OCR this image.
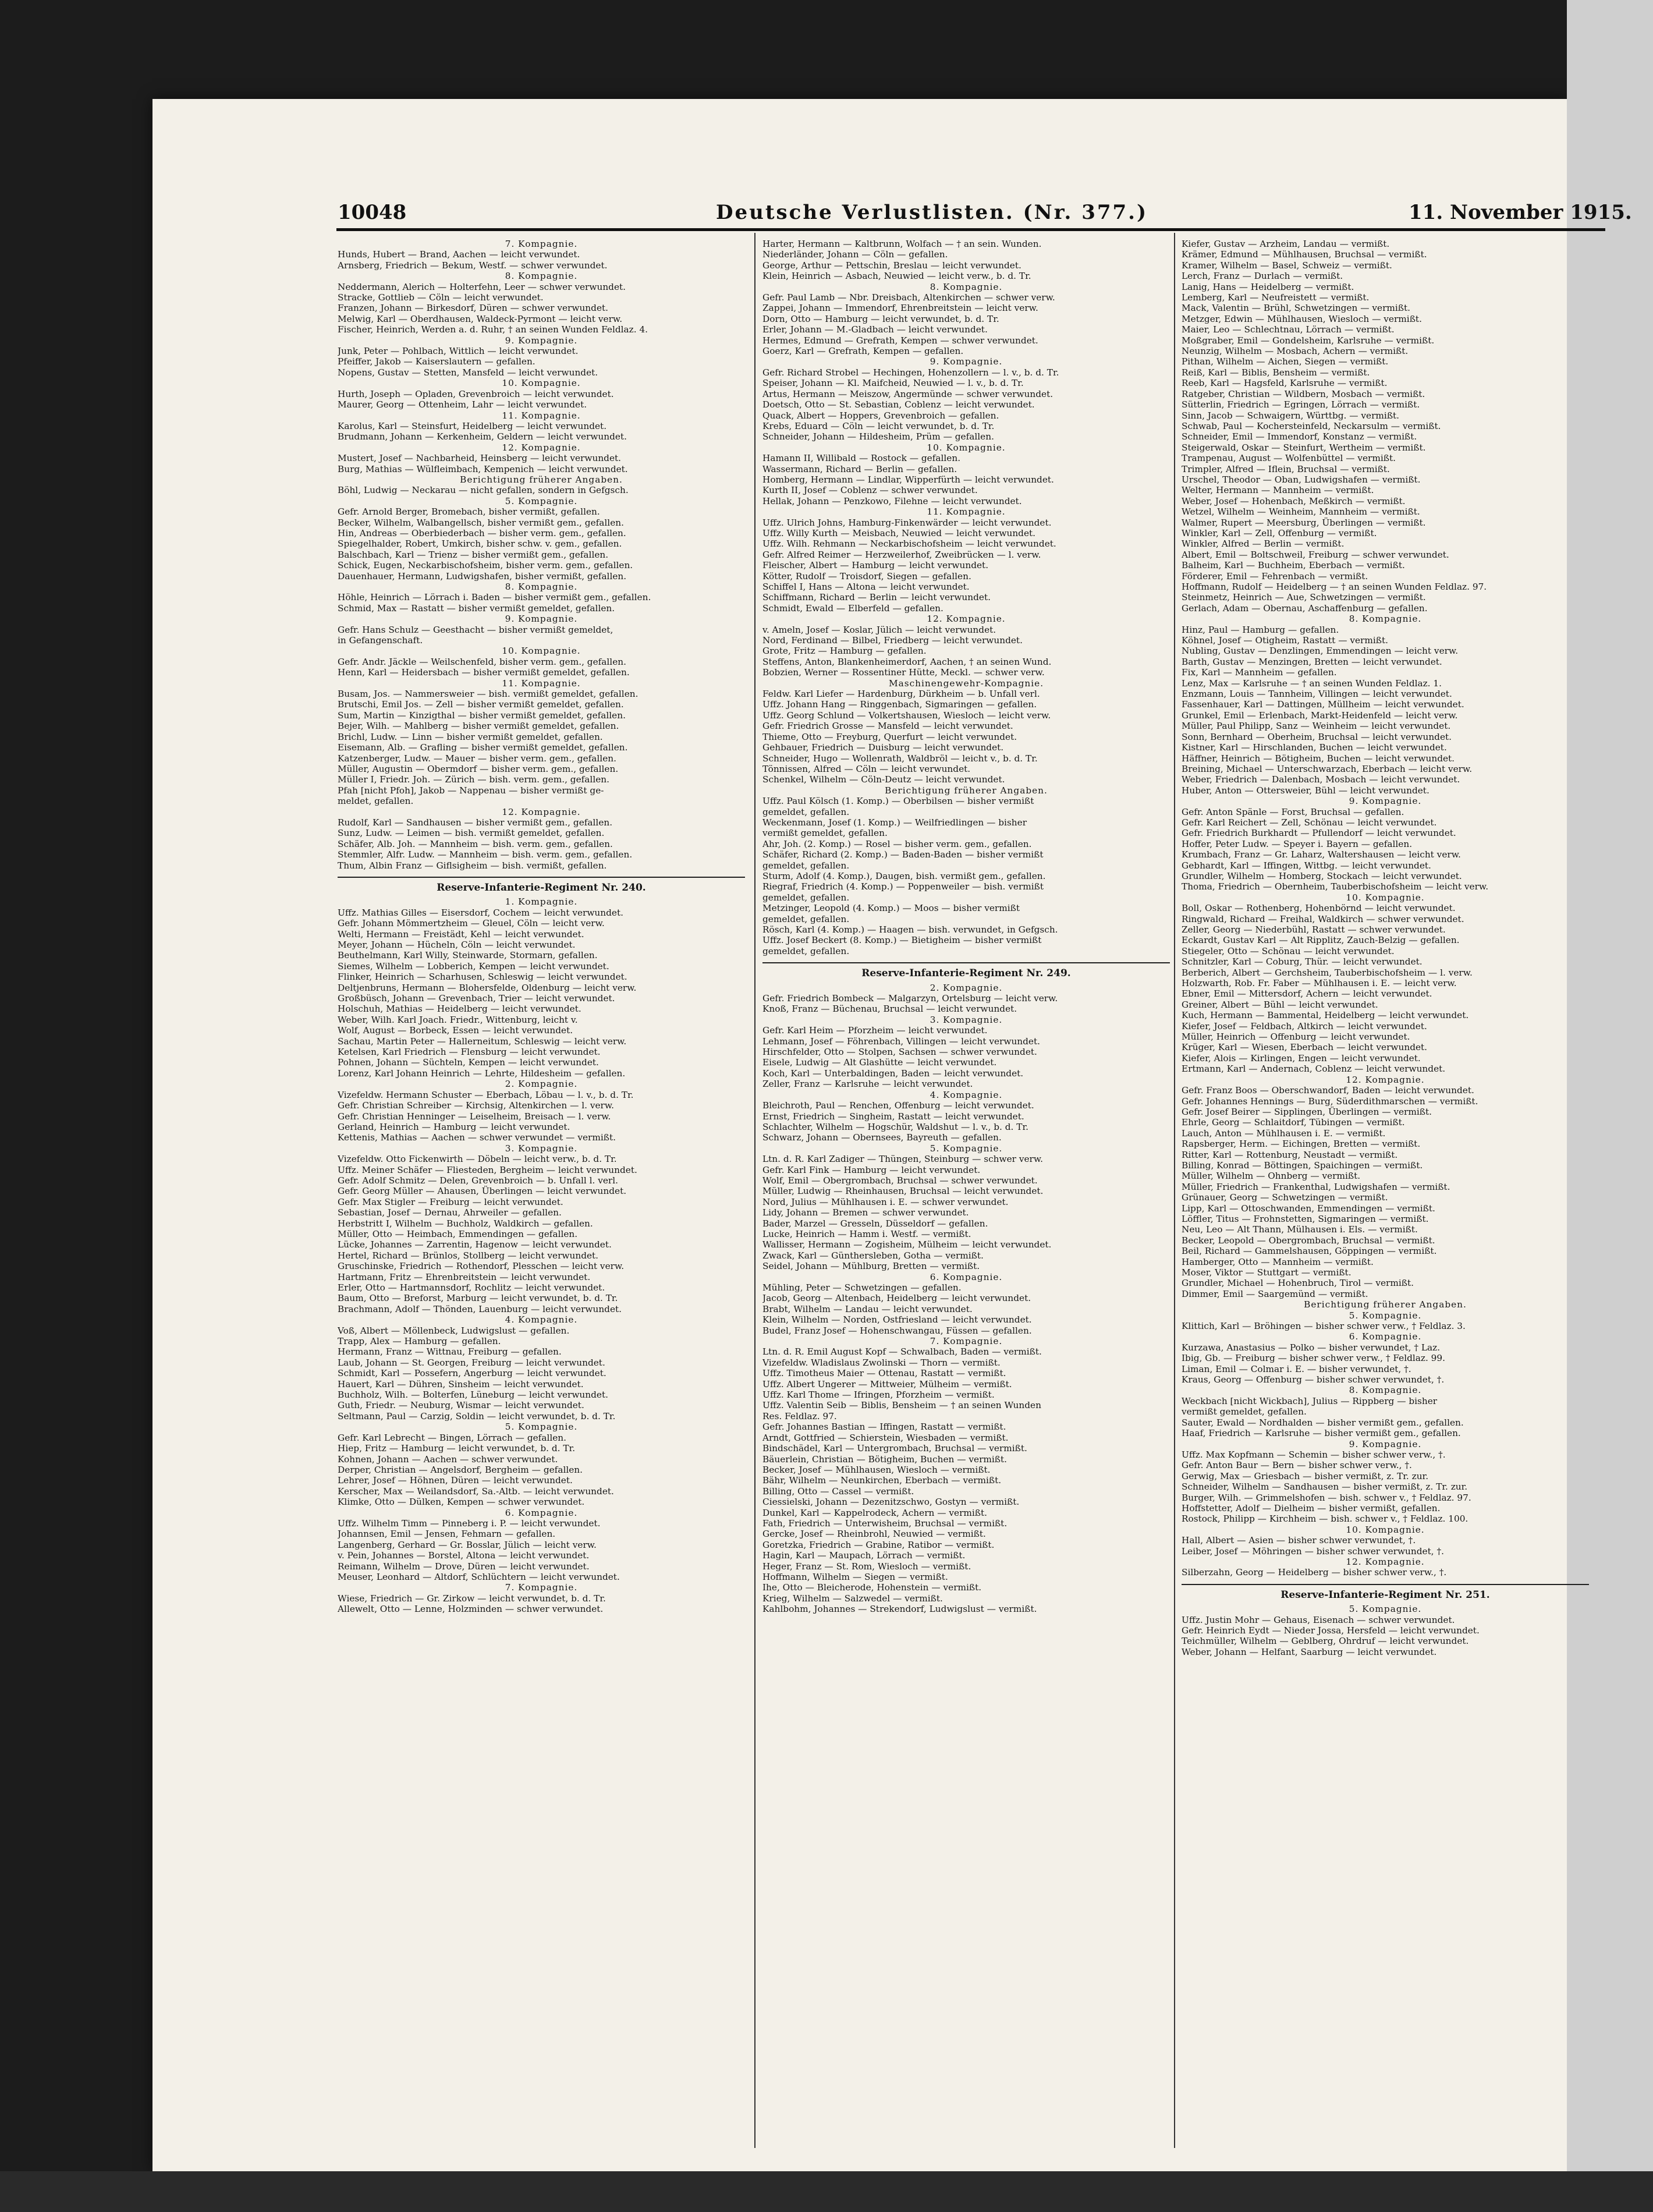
10048	Deutsche Verlustlisten. (Nr. 377.)	11. November 1915.
7. Kompagnie.
Hunds, Hubert — Brand, Aachen — leicht verwundet.
Arnsberg, Friedrich — Bekum, Westf. — schwer verwundet.
8. Kompagnie.
Neddermann, Alerich — Holterfehn, Leer — schwer verwundet.
Stracke, Gottlieb — Cöln — leicht verwundet.
Franzen, Johann — Birkesdorf, Düren — schwer verwundet.
Melwig, Karl — Oberdhausen, Waldeck-Pyrmont — leicht verw.
Fischer, Heinrich, Werden a. d. Ruhr, † an seinen Wunden Feldlaz. 4.
9. Kompagnie.
Junk, Peter — Pohlbach, Wittlich — leicht verwundet.
Pfeiffer, Jakob — Kaiserslautern — gefallen.
Nopens, Gustav — Stetten, Mansfeld — leicht verwundet.
10. Kompagnie.
Hurth, Joseph — Opladen, Grevenbroich — leicht verwundet.
Maurer, Georg — Ottenheim, Lahr — leicht verwundet.
11. Kompagnie.
Karolus, Karl — Steinsfurt, Heidelberg — leicht verwundet.
Brudmann, Johann — Kerkenheim, Geldern — leicht verwundet.
12. Kompagnie.
Mustert, Josef — Nachbarheid, Heinsberg — leicht verwundet.
Burg, Mathias — Wülfleimbach, Kempenich — leicht verwundet.
Berichtigung früherer Angaben.
Böhl, Ludwig — Neckarau — nicht gefallen, sondern in Gefgsch.
5. Kompagnie.
Gefr. Arnold Berger, Bromebach, bisher vermißt, gefallen.
Becker, Wilhelm, Walbangellsch, bisher vermißt gem., gefallen.
Hin, Andreas — Oberbiederbach — bisher verm. gem., gefallen.
Spiegelhalder, Robert, Umkirch, bisher schw. v. gem., gefallen.
Balschbach, Karl — Trienz — bisher vermißt gem., gefallen.
Schick, Eugen, Neckarbischofsheim, bisher verm. gem., gefallen.
Dauenhauer, Hermann, Ludwigshafen, bisher vermißt, gefallen.
8. Kompagnie.
Höhle, Heinrich — Lörrach i. Baden — bisher vermißt gem., gefallen.
Schmid, Max — Rastatt — bisher vermißt gemeldet, gefallen.
9. Kompagnie.
Gefr. Hans Schulz — Geesthacht — bisher vermißt gemeldet,
in Gefangenschaft.
10. Kompagnie.
Gefr. Andr. Jäckle — Weilschenfeld, bisher verm. gem., gefallen.
Henn, Karl — Heidersbach — bisher vermißt gemeldet, gefallen.
11. Kompagnie.
Busam, Jos. — Nammersweier — bish. vermißt gemeldet, gefallen.
Brutschi, Emil Jos. — Zell — bisher vermißt gemeldet, gefallen.
Sum, Martin — Kinzigthal — bisher vermißt gemeldet, gefallen.
Bejer, Wilh. — Mahlberg — bisher vermißt gemeldet, gefallen.
Brichl, Ludw. — Linn — bisher vermißt gemeldet, gefallen.
Eisemann, Alb. — Grafling — bisher vermißt gemeldet, gefallen.
Katzenberger, Ludw. — Mauer — bisher verm. gem., gefallen.
Müller, Augustin — Obermdorf — bisher verm. gem., gefallen.
Müller I, Friedr. Joh. — Zürich — bish. verm. gem., gefallen.
Pfah [nicht Pfoh], Jakob — Nappenau — bisher vermißt ge-
meldet, gefallen.
12. Kompagnie.
Rudolf, Karl — Sandhausen — bisher vermißt gem., gefallen.
Sunz, Ludw. — Leimen — bish. vermißt gemeldet, gefallen.
Schäfer, Alb. Joh. — Mannheim — bish. verm. gem., gefallen.
Stemmler, Alfr. Ludw. — Mannheim — bish. verm. gem., gefallen.
Thum, Albin Franz — Giflsigheim — bish. vermißt, gefallen.
Reserve-Infanterie-Regiment Nr. 240.
1. Kompagnie.
Uffz. Mathias Gilles — Eisersdorf, Cochem — leicht verwundet.
Gefr. Johann Mömmertzheim — Gleuel, Cöln — leicht verw.
Welti, Hermann — Freistädt, Kehl — leicht verwundet.
Meyer, Johann — Hücheln, Cöln — leicht verwundet.
Beuthelmann, Karl Willy, Steinwarde, Stormarn, gefallen.
Siemes, Wilhelm — Lobberich, Kempen — leicht verwundet.
Flinker, Heinrich — Scharhusen, Schleswig — leicht verwundet.
Deltjenbruns, Hermann — Blohersfelde, Oldenburg — leicht verw.
Großbüsch, Johann — Grevenbach, Trier — leicht verwundet.
Holschuh, Mathias — Heidelberg — leicht verwundet.
Weber, Wilh. Karl Joach. Friedr., Wittenburg, leicht v.
Wolf, August — Borbeck, Essen — leicht verwundet.
Sachau, Martin Peter — Hallerneitum, Schleswig — leicht verw.
Ketelsen, Karl Friedrich — Flensburg — leicht verwundet.
Pohnen, Johann — Süchteln, Kempen — leicht verwundet.
Lorenz, Karl Johann Heinrich — Lehrte, Hildesheim — gefallen.
2. Kompagnie.
Vizefeldw. Hermann Schuster — Eberbach, Löbau — l. v., b. d. Tr.
Gefr. Christian Schreiber — Kirchsig, Altenkirchen — l. verw.
Gefr. Christian Henninger — Leiselheim, Breisach — l. verw.
Gerland, Heinrich — Hamburg — leicht verwundet.
Kettenis, Mathias — Aachen — schwer verwundet — vermißt.
3. Kompagnie.
Vizefeldw. Otto Fickenwirth — Döbeln — leicht verw., b. d. Tr.
Uffz. Meiner Schäfer — Fliesteden, Bergheim — leicht verwundet.
Gefr. Adolf Schmitz — Delen, Grevenbroich — b. Unfall l. verl.
Gefr. Georg Müller — Ahausen, Überlingen — leicht verwundet.
Gefr. Max Stigler — Freiburg — leicht verwundet.
Sebastian, Josef — Dernau, Ahrweiler — gefallen.
Herbstritt I, Wilhelm — Buchholz, Waldkirch — gefallen.
Müller, Otto — Heimbach, Emmendingen — gefallen.
Lücke, Johannes — Zarrentin, Hagenow — leicht verwundet.
Hertel, Richard — Brünlos, Stollberg — leicht verwundet.
Gruschinske, Friedrich — Rothendorf, Plesschen — leicht verw.
Hartmann, Fritz — Ehrenbreitstein — leicht verwundet.
Erler, Otto — Hartmannsdorf, Rochlitz — leicht verwundet.
Baum, Otto — Breforst, Marburg — leicht verwundet, b. d. Tr.
Brachmann, Adolf — Thönden, Lauenburg — leicht verwundet.
4. Kompagnie.
Voß, Albert — Möllenbeck, Ludwigslust — gefallen.
Trapp, Alex — Hamburg — gefallen.
Hermann, Franz — Wittnau, Freiburg — gefallen.
Laub, Johann — St. Georgen, Freiburg — leicht verwundet.
Schmidt, Karl — Possefern, Angerburg — leicht verwundet.
Hauert, Karl — Dühren, Sinsheim — leicht verwundet.
Buchholz, Wilh. — Bolterfen, Lüneburg — leicht verwundet.
Guth, Friedr. — Neuburg, Wismar — leicht verwundet.
Seltmann, Paul — Carzig, Soldin — leicht verwundet, b. d. Tr.
5. Kompagnie.
Gefr. Karl Lebrecht — Bingen, Lörrach — gefallen.
Hiep, Fritz — Hamburg — leicht verwundet, b. d. Tr.
Kohnen, Johann — Aachen — schwer verwundet.
Derper, Christian — Angelsdorf, Bergheim — gefallen.
Lehrer, Josef — Höhnen, Düren — leicht verwundet.
Kerscher, Max — Weilandsdorf, Sa.-Altb. — leicht verwundet.
Klimke, Otto — Dülken, Kempen — schwer verwundet.
6. Kompagnie.
Uffz. Wilhelm Timm — Pinneberg i. P. — leicht verwundet.
Johannsen, Emil — Jensen, Fehmarn — gefallen.
Langenberg, Gerhard — Gr. Bosslar, Jülich — leicht verw.
v. Pein, Johannes — Borstel, Altona — leicht verwundet.
Reimann, Wilhelm — Drove, Düren — leicht verwundet.
Meuser, Leonhard — Altdorf, Schlüchtern — leicht verwundet.
7. Kompagnie.
Wiese, Friedrich — Gr. Zirkow — leicht verwundet, b. d. Tr.
Allewelt, Otto — Lenne, Holzminden — schwer verwundet.
Harter, Hermann — Kaltbrunn, Wolfach — † an sein. Wunden.
Niederländer, Johann — Cöln — gefallen.
George, Arthur — Pettschin, Breslau — leicht verwundet.
Klein, Heinrich — Asbach, Neuwied — leicht verw., b. d. Tr.
8. Kompagnie.
Gefr. Paul Lamb — Nbr. Dreisbach, Altenkirchen — schwer verw.
Zappei, Johann — Immendorf, Ehrenbreitstein — leicht verw.
Dorn, Otto — Hamburg — leicht verwundet, b. d. Tr.
Erler, Johann — M.-Gladbach — leicht verwundet.
Hermes, Edmund — Grefrath, Kempen — schwer verwundet.
Goerz, Karl — Grefrath, Kempen — gefallen.
9. Kompagnie.
Gefr. Richard Strobel — Hechingen, Hohenzollern — l. v., b. d. Tr.
Speiser, Johann — Kl. Maifcheid, Neuwied — l. v., b. d. Tr.
Artus, Hermann — Meiszow, Angermünde — schwer verwundet.
Doetsch, Otto — St. Sebastian, Coblenz — leicht verwundet.
Quack, Albert — Hoppers, Grevenbroich — gefallen.
Krebs, Eduard — Cöln — leicht verwundet, b. d. Tr.
Schneider, Johann — Hildesheim, Prüm — gefallen.
10. Kompagnie.
Hamann II, Willibald — Rostock — gefallen.
Wassermann, Richard — Berlin — gefallen.
Homberg, Hermann — Lindlar, Wipperfürth — leicht verwundet.
Kurth II, Josef — Coblenz — schwer verwundet.
Hellak, Johann — Penzkowo, Filehne — leicht verwundet.
11. Kompagnie.
Uffz. Ulrich Johns, Hamburg-Finkenwärder — leicht verwundet.
Uffz. Willy Kurth — Meisbach, Neuwied — leicht verwundet.
Uffz. Wilh. Rehmann — Neckarbischofsheim — leicht verwundet.
Gefr. Alfred Reimer — Herzweilerhof, Zweibrücken — l. verw.
Fleischer, Albert — Hamburg — leicht verwundet.
Kötter, Rudolf — Troisdorf, Siegen — gefallen.
Schiffel I, Hans — Altona — leicht verwundet.
Schiffmann, Richard — Berlin — leicht verwundet.
Schmidt, Ewald — Elberfeld — gefallen.
12. Kompagnie.
v. Ameln, Josef — Koslar, Jülich — leicht verwundet.
Nord, Ferdinand — Bilbel, Friedberg — leicht verwundet.
Grote, Fritz — Hamburg — gefallen.
Steffens, Anton, Blankenheimerdorf, Aachen, † an seinen Wund.
Bobzien, Werner — Rossentiner Hütte, Meckl. — schwer verw.
Maschinengewehr-Kompagnie.
Feldw. Karl Liefer — Hardenburg, Dürkheim — b. Unfall verl.
Uffz. Johann Hang — Ringgenbach, Sigmaringen — gefallen.
Uffz. Georg Schlund — Volkertshausen, Wiesloch — leicht verw.
Gefr. Friedrich Grosse — Mansfeld — leicht verwundet.
Thieme, Otto — Freyburg, Querfurt — leicht verwundet.
Gehbauer, Friedrich — Duisburg — leicht verwundet.
Schneider, Hugo — Wollenrath, Waldbröl — leicht v., b. d. Tr.
Tönnissen, Alfred — Cöln — leicht verwundet.
Schenkel, Wilhelm — Cöln-Deutz — leicht verwundet.
Berichtigung früherer Angaben.
Uffz. Paul Kölsch (1. Komp.) — Oberbilsen — bisher vermißt
gemeldet, gefallen.
Weckenmann, Josef (1. Komp.) — Weilfriedlingen — bisher
vermißt gemeldet, gefallen.
Ahr, Joh. (2. Komp.) — Rosel — bisher verm. gem., gefallen.
Schäfer, Richard (2. Komp.) — Baden-Baden — bisher vermißt
gemeldet, gefallen.
Sturm, Adolf (4. Komp.), Daugen, bish. vermißt gem., gefallen.
Riegraf, Friedrich (4. Komp.) — Poppenweiler — bish. vermißt
gemeldet, gefallen.
Metzinger, Leopold (4. Komp.) — Moos — bisher vermißt
gemeldet, gefallen.
Rösch, Karl (4. Komp.) — Haagen — bish. verwundet, in Gefgsch.
Uffz. Josef Beckert (8. Komp.) — Bietigheim — bisher vermißt
gemeldet, gefallen.
Reserve-Infanterie-Regiment Nr. 249.
2. Kompagnie.
Gefr. Friedrich Bombeck — Malgarzyn, Ortelsburg — leicht verw.
Knoß, Franz — Büchenau, Bruchsal — leicht verwundet.
3. Kompagnie.
Gefr. Karl Heim — Pforzheim — leicht verwundet.
Lehmann, Josef — Föhrenbach, Villingen — leicht verwundet.
Hirschfelder, Otto — Stolpen, Sachsen — schwer verwundet.
Eisele, Ludwig — Alt Glashütte — leicht verwundet.
Koch, Karl — Unterbaldingen, Baden — leicht verwundet.
Zeller, Franz — Karlsruhe — leicht verwundet.
4. Kompagnie.
Bleichroth, Paul — Renchen, Offenburg — leicht verwundet.
Ernst, Friedrich — Singheim, Rastatt — leicht verwundet.
Schlachter, Wilhelm — Hogschür, Waldshut — l. v., b. d. Tr.
Schwarz, Johann — Obernsees, Bayreuth — gefallen.
5. Kompagnie.
Ltn. d. R. Karl Zadiger — Thüngen, Steinburg — schwer verw.
Gefr. Karl Fink — Hamburg — leicht verwundet.
Wolf, Emil — Obergrombach, Bruchsal — schwer verwundet.
Müller, Ludwig — Rheinhausen, Bruchsal — leicht verwundet.
Nord, Julius — Mühlhausen i. E. — schwer verwundet.
Lidy, Johann — Bremen — schwer verwundet.
Bader, Marzel — Gresseln, Düsseldorf — gefallen.
Lucke, Heinrich — Hamm i. Westf. — vermißt.
Wallisser, Hermann — Zogisheim, Mülheim — leicht verwundet.
Zwack, Karl — Günthersleben, Gotha — vermißt.
Seidel, Johann — Mühlburg, Bretten — vermißt.
6. Kompagnie.
Mühling, Peter — Schwetzingen — gefallen.
Jacob, Georg — Altenbach, Heidelberg — leicht verwundet.
Brabt, Wilhelm — Landau — leicht verwundet.
Klein, Wilhelm — Norden, Ostfriesland — leicht verwundet.
Budel, Franz Josef — Hohenschwangau, Füssen — gefallen.
7. Kompagnie.
Ltn. d. R. Emil August Kopf — Schwalbach, Baden — vermißt.
Vizefeldw. Wladislaus Zwolinski — Thorn — vermißt.
Uffz. Timotheus Maier — Ottenau, Rastatt — vermißt.
Uffz. Albert Ungerer — Mittweier, Mülheim — vermißt.
Uffz. Karl Thome — Ifringen, Pforzheim — vermißt.
Uffz. Valentin Seib — Biblis, Bensheim — † an seinen Wunden
Res. Feldlaz. 97.
Gefr. Johannes Bastian — Iffingen, Rastatt — vermißt.
Arndt, Gottfried — Schierstein, Wiesbaden — vermißt.
Bindschädel, Karl — Untergrombach, Bruchsal — vermißt.
Bäuerlein, Christian — Bötigheim, Buchen — vermißt.
Becker, Josef — Mühlhausen, Wiesloch — vermißt.
Bähr, Wilhelm — Neunkirchen, Eberbach — vermißt.
Billing, Otto — Cassel — vermißt.
Ciessielski, Johann — Dezenitzschwo, Gostyn — vermißt.
Dunkel, Karl — Kappelrodeck, Achern — vermißt.
Fath, Friedrich — Unterwisheim, Bruchsal — vermißt.
Gercke, Josef — Rheinbrohl, Neuwied — vermißt.
Goretzka, Friedrich — Grabine, Ratibor — vermißt.
Hagin, Karl — Maupach, Lörrach — vermißt.
Heger, Franz — St. Rom, Wiesloch — vermißt.
Hoffmann, Wilhelm — Siegen — vermißt.
Ihe, Otto — Bleicherode, Hohenstein — vermißt.
Krieg, Wilhelm — Salzwedel — vermißt.
Kahlbohm, Johannes — Strekendorf, Ludwigslust — vermißt.
Kiefer, Gustav — Arzheim, Landau — vermißt.
Krämer, Edmund — Mühlhausen, Bruchsal — vermißt.
Kramer, Wilhelm — Basel, Schweiz — vermißt.
Lerch, Franz — Durlach — vermißt.
Lanig, Hans — Heidelberg — vermißt.
Lemberg, Karl — Neufreistett — vermißt.
Mack, Valentin — Brühl, Schwetzingen — vermißt.
Metzger, Edwin — Mühlhausen, Wiesloch — vermißt.
Maier, Leo — Schlechtnau, Lörrach — vermißt.
Moßgraber, Emil — Gondelsheim, Karlsruhe — vermißt.
Neunzig, Wilhelm — Mosbach, Achern — vermißt.
Pithan, Wilhelm — Aichen, Siegen — vermißt.
Reiß, Karl — Biblis, Bensheim — vermißt.
Reeb, Karl — Hagsfeld, Karlsruhe — vermißt.
Ratgeber, Christian — Wildbern, Mosbach — vermißt.
Sütterlin, Friedrich — Egringen, Lörrach — vermißt.
Sinn, Jacob — Schwaigern, Württbg. — vermißt.
Schwab, Paul — Kochersteinfeld, Neckarsulm — vermißt.
Schneider, Emil — Immendorf, Konstanz — vermißt.
Steigerwald, Oskar — Steinfurt, Wertheim — vermißt.
Trampenau, August — Wolfenbüttel — vermißt.
Trimpler, Alfred — Iflein, Bruchsal — vermißt.
Urschel, Theodor — Oban, Ludwigshafen — vermißt.
Welter, Hermann — Mannheim — vermißt.
Weber, Josef — Hohenbach, Meßkirch — vermißt.
Wetzel, Wilhelm — Weinheim, Mannheim — vermißt.
Walmer, Rupert — Meersburg, Überlingen — vermißt.
Winkler, Karl — Zell, Offenburg — vermißt.
Winkler, Alfred — Berlin — vermißt.
Albert, Emil — Boltschweil, Freiburg — schwer verwundet.
Balheim, Karl — Buchheim, Eberbach — vermißt.
Förderer, Emil — Fehrenbach — vermißt.
Hoffmann, Rudolf — Heidelberg — † an seinen Wunden Feldlaz. 97.
Steinmetz, Heinrich — Aue, Schwetzingen — vermißt.
Gerlach, Adam — Obernau, Aschaffenburg — gefallen.
8. Kompagnie.
Hinz, Paul — Hamburg — gefallen.
Köhnel, Josef — Otigheim, Rastatt — vermißt.
Nubling, Gustav — Denzlingen, Emmendingen — leicht verw.
Barth, Gustav — Menzingen, Bretten — leicht verwundet.
Fix, Karl — Mannheim — gefallen.
Lenz, Max — Karlsruhe — † an seinen Wunden Feldlaz. 1.
Enzmann, Louis — Tannheim, Villingen — leicht verwundet.
Fassenhauer, Karl — Dattingen, Müllheim — leicht verwundet.
Grunkel, Emil — Erlenbach, Markt-Heidenfeld — leicht verw.
Müller, Paul Philipp, Sanz — Weinheim — leicht verwundet.
Sonn, Bernhard — Oberheim, Bruchsal — leicht verwundet.
Kistner, Karl — Hirschlanden, Buchen — leicht verwundet.
Häffner, Heinrich — Bötigheim, Buchen — leicht verwundet.
Breining, Michael — Unterschwarzach, Eberbach — leicht verw.
Weber, Friedrich — Dalenbach, Mosbach — leicht verwundet.
Huber, Anton — Ottersweier, Bühl — leicht verwundet.
9. Kompagnie.
Gefr. Anton Spänle — Forst, Bruchsal — gefallen.
Gefr. Karl Reichert — Zell, Schönau — leicht verwundet.
Gefr. Friedrich Burkhardt — Pfullendorf — leicht verwundet.
Hoffer, Peter Ludw. — Speyer i. Bayern — gefallen.
Krumbach, Franz — Gr. Laharz, Waltershausen — leicht verw.
Gebhardt, Karl — Iffingen, Wittbg. — leicht verwundet.
Grundler, Wilhelm — Homberg, Stockach — leicht verwundet.
Thoma, Friedrich — Obernheim, Tauberbischofsheim — leicht verw.
10. Kompagnie.
Boll, Oskar — Rothenberg, Hohenbörnd — leicht verwundet.
Ringwald, Richard — Freihal, Waldkirch — schwer verwundet.
Zeller, Georg — Niederbühl, Rastatt — schwer verwundet.
Eckardt, Gustav Karl — Alt Ripplitz, Zauch-Belzig — gefallen.
Stiegeler, Otto — Schönau — leicht verwundet.
Schnitzler, Karl — Coburg, Thür. — leicht verwundet.
Berberich, Albert — Gerchsheim, Tauberbischofsheim — l. verw.
Holzwarth, Rob. Fr. Faber — Mühlhausen i. E. — leicht verw.
Ebner, Emil — Mittersdorf, Achern — leicht verwundet.
Greiner, Albert — Bühl — leicht verwundet.
Kuch, Hermann — Bammental, Heidelberg — leicht verwundet.
Kiefer, Josef — Feldbach, Altkirch — leicht verwundet.
Müller, Heinrich — Offenburg — leicht verwundet.
Krüger, Karl — Wiesen, Eberbach — leicht verwundet.
Kiefer, Alois — Kirlingen, Engen — leicht verwundet.
Ertmann, Karl — Andernach, Coblenz — leicht verwundet.
12. Kompagnie.
Gefr. Franz Boos — Oberschwandorf, Baden — leicht verwundet.
Gefr. Johannes Hennings — Burg, Süderdithmarschen — vermißt.
Gefr. Josef Beirer — Sipplingen, Überlingen — vermißt.
Ehrle, Georg — Schlaitdorf, Tübingen — vermißt.
Lauch, Anton — Mühlhausen i. E. — vermißt.
Rapsberger, Herm. — Eichingen, Bretten — vermißt.
Ritter, Karl — Rottenburg, Neustadt — vermißt.
Billing, Konrad — Böttingen, Spaichingen — vermißt.
Müller, Wilhelm — Ohnberg — vermißt.
Müller, Friedrich — Frankenthal, Ludwigshafen — vermißt.
Grünauer, Georg — Schwetzingen — vermißt.
Lipp, Karl — Ottoschwanden, Emmendingen — vermißt.
Löffler, Titus — Frohnstetten, Sigmaringen — vermißt.
Neu, Leo — Alt Thann, Mülhausen i. Els. — vermißt.
Becker, Leopold — Obergrombach, Bruchsal — vermißt.
Beil, Richard — Gammelshausen, Göppingen — vermißt.
Hamberger, Otto — Mannheim — vermißt.
Moser, Viktor — Stuttgart — vermißt.
Grundler, Michael — Hohenbruch, Tirol — vermißt.
Dimmer, Emil — Saargemünd — vermißt.
Berichtigung früherer Angaben.
5. Kompagnie.
Klittich, Karl — Bröhingen — bisher schwer verw., † Feldlaz. 3.
6. Kompagnie.
Kurzawa, Anastasius — Polko — bisher verwundet, † Laz.
Ibig, Gb. — Freiburg — bisher schwer verw., † Feldlaz. 99.
Liman, Emil — Colmar i. E. — bisher verwundet, †.
Kraus, Georg — Offenburg — bisher schwer verwundet, †.
8. Kompagnie.
Weckbach [nicht Wickbach], Julius — Rippberg — bisher
vermißt gemeldet, gefallen.
Sauter, Ewald — Nordhalden — bisher vermißt gem., gefallen.
Haaf, Friedrich — Karlsruhe — bisher vermißt gem., gefallen.
9. Kompagnie.
Uffz. Max Kopfmann — Schemin — bisher schwer verw., †.
Gefr. Anton Baur — Bern — bisher schwer verw., †.
Gerwig, Max — Griesbach — bisher vermißt, z. Tr. zur.
Schneider, Wilhelm — Sandhausen — bisher vermißt, z. Tr. zur.
Burger, Wilh. — Grimmelshofen — bish. schwer v., † Feldlaz. 97.
Hoffstetter, Adolf — Dielheim — bisher vermißt, gefallen.
Rostock, Philipp — Kirchheim — bish. schwer v., † Feldlaz. 100.
10. Kompagnie.
Hall, Albert — Asien — bisher schwer verwundet, †.
Leiber, Josef — Möhringen — bisher schwer verwundet, †.
12. Kompagnie.
Silberzahn, Georg — Heidelberg — bisher schwer verw., †.
Reserve-Infanterie-Regiment Nr. 251.
5. Kompagnie.
Uffz. Justin Mohr — Gehaus, Eisenach — schwer verwundet.
Gefr. Heinrich Eydt — Nieder Jossa, Hersfeld — leicht verwundet.
Teichmüller, Wilhelm — Geblberg, Ohrdruf — leicht verwundet.
Weber, Johann — Helfant, Saarburg — leicht verwundet.
